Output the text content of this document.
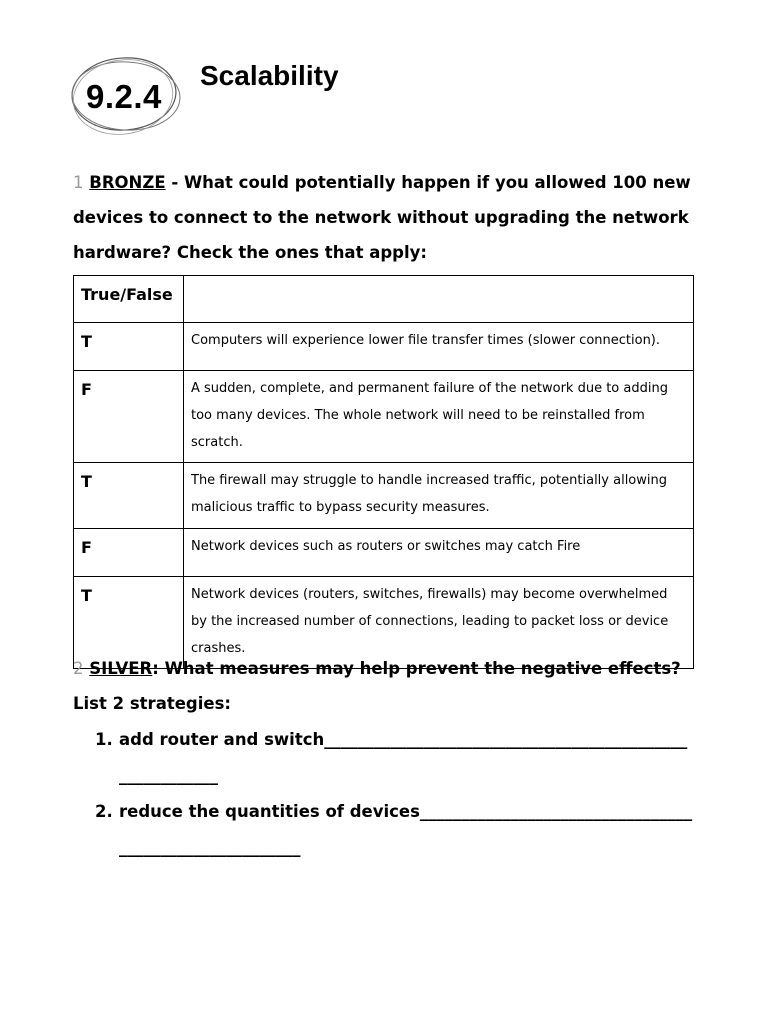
9.2.4
Scalability
1 BRONZE - What could potentially happen if you allowed 100 new devices to connect to the network without upgrading the network hardware? Check the ones that apply:
True/False	
T	Computers will experience lower file transfer times (slower connection).
F	A sudden, complete, and permanent failure of the network due to adding too many devices. The whole network will need to be reinstalled from scratch.
T	The firewall may struggle to handle increased traffic, potentially allowing malicious traffic to bypass security measures.
F	Network devices such as routers or switches may catch Fire
T	Network devices (routers, switches, firewalls) may become overwhelmed by the increased number of connections, leading to packet loss or device crashes.
2 SILVER: What measures may help prevent the negative effects? List 2 strategies:
1. add router and switch________________________________________________________
2. reduce the quantities of devices_______________________________________________________
